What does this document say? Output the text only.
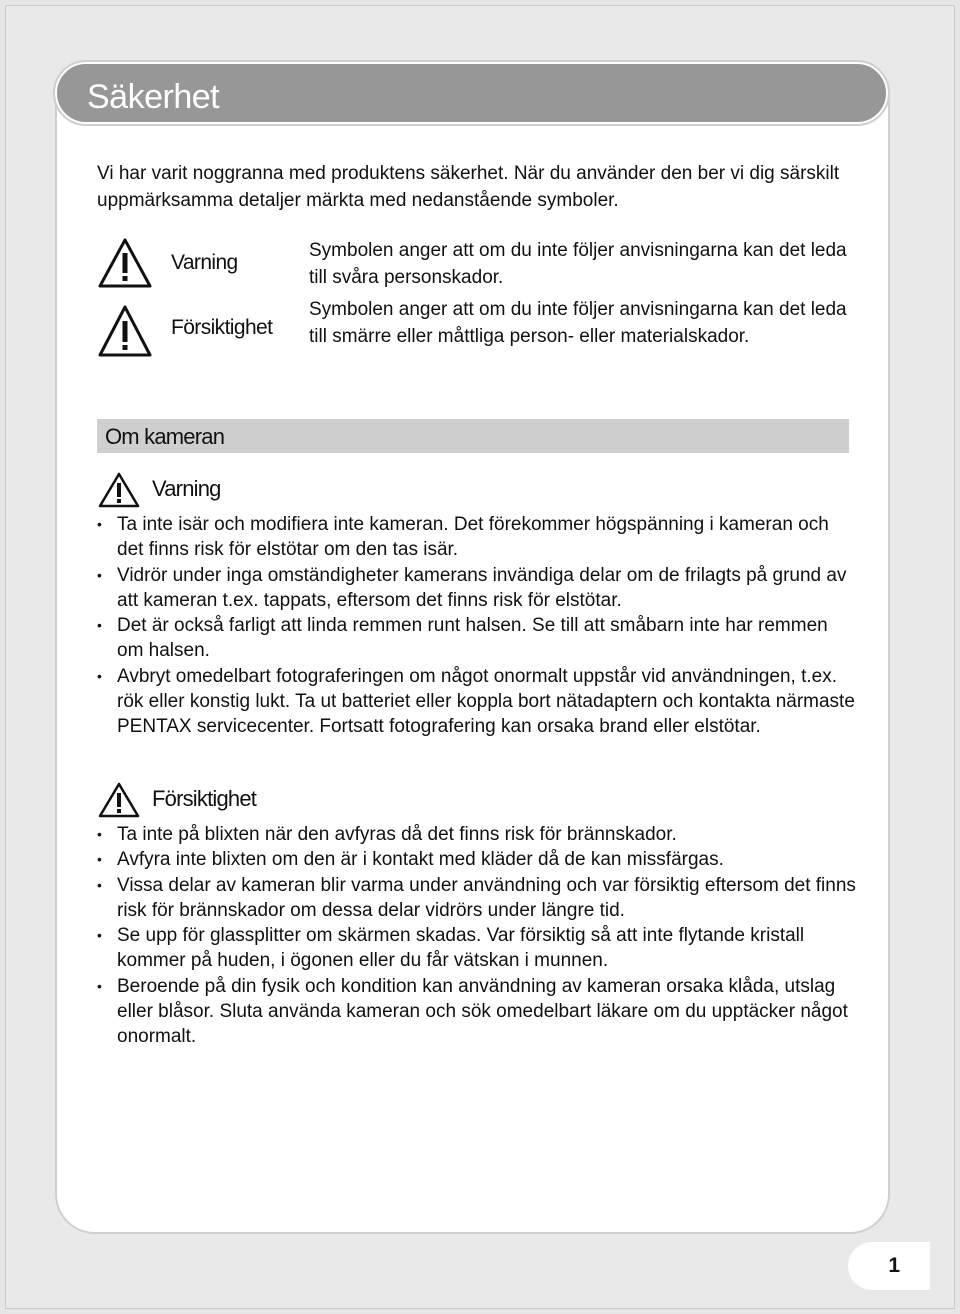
Säkerhet

Vi har varit noggranna med produktens säkerhet. När du använder den ber vi dig särskilt uppmärksamma detaljer märkta med nedanstående symboler.

Varning

Symbolen anger att om du inte följer anvisningarna kan det leda till svåra personskador.

Försiktighet

Symbolen anger att om du inte följer anvisningarna kan det leda till smärre eller måttliga person- eller materialskador.

Om kameran
Varning
• Ta inte isär och modifiera inte kameran. Det förekommer högspänning i kameran och det finns risk för elstötar om den tas isär.
• Vidrör under inga omständigheter kamerans invändiga delar om de frilagts på grund av att kameran t.ex. tappats, eftersom det finns risk för elstötar.
• Det är också farligt att linda remmen runt halsen. Se till att småbarn inte har remmen om halsen.
• Avbryt omedelbart fotograferingen om något onormalt uppstår vid användningen, t.ex. rök eller konstig lukt. Ta ut batteriet eller koppla bort nätadaptern och kontakta närmaste PENTAX servicecenter. Fortsatt fotografering kan orsaka brand eller elstötar.
Försiktighet
• Ta inte på blixten när den avfyras då det finns risk för brännskador.
• Avfyra inte blixten om den är i kontakt med kläder då de kan missfärgas.
• Vissa delar av kameran blir varma under användning och var försiktig eftersom det finns risk för brännskador om dessa delar vidrörs under längre tid.
• Se upp för glassplitter om skärmen skadas. Var försiktig så att inte flytande kristall kommer på huden, i ögonen eller du får vätskan i munnen.
• Beroende på din fysik och kondition kan användning av kameran orsaka klåda, utslag eller blåsor. Sluta använda kameran och sök omedelbart läkare om du upptäcker något onormalt.
1
